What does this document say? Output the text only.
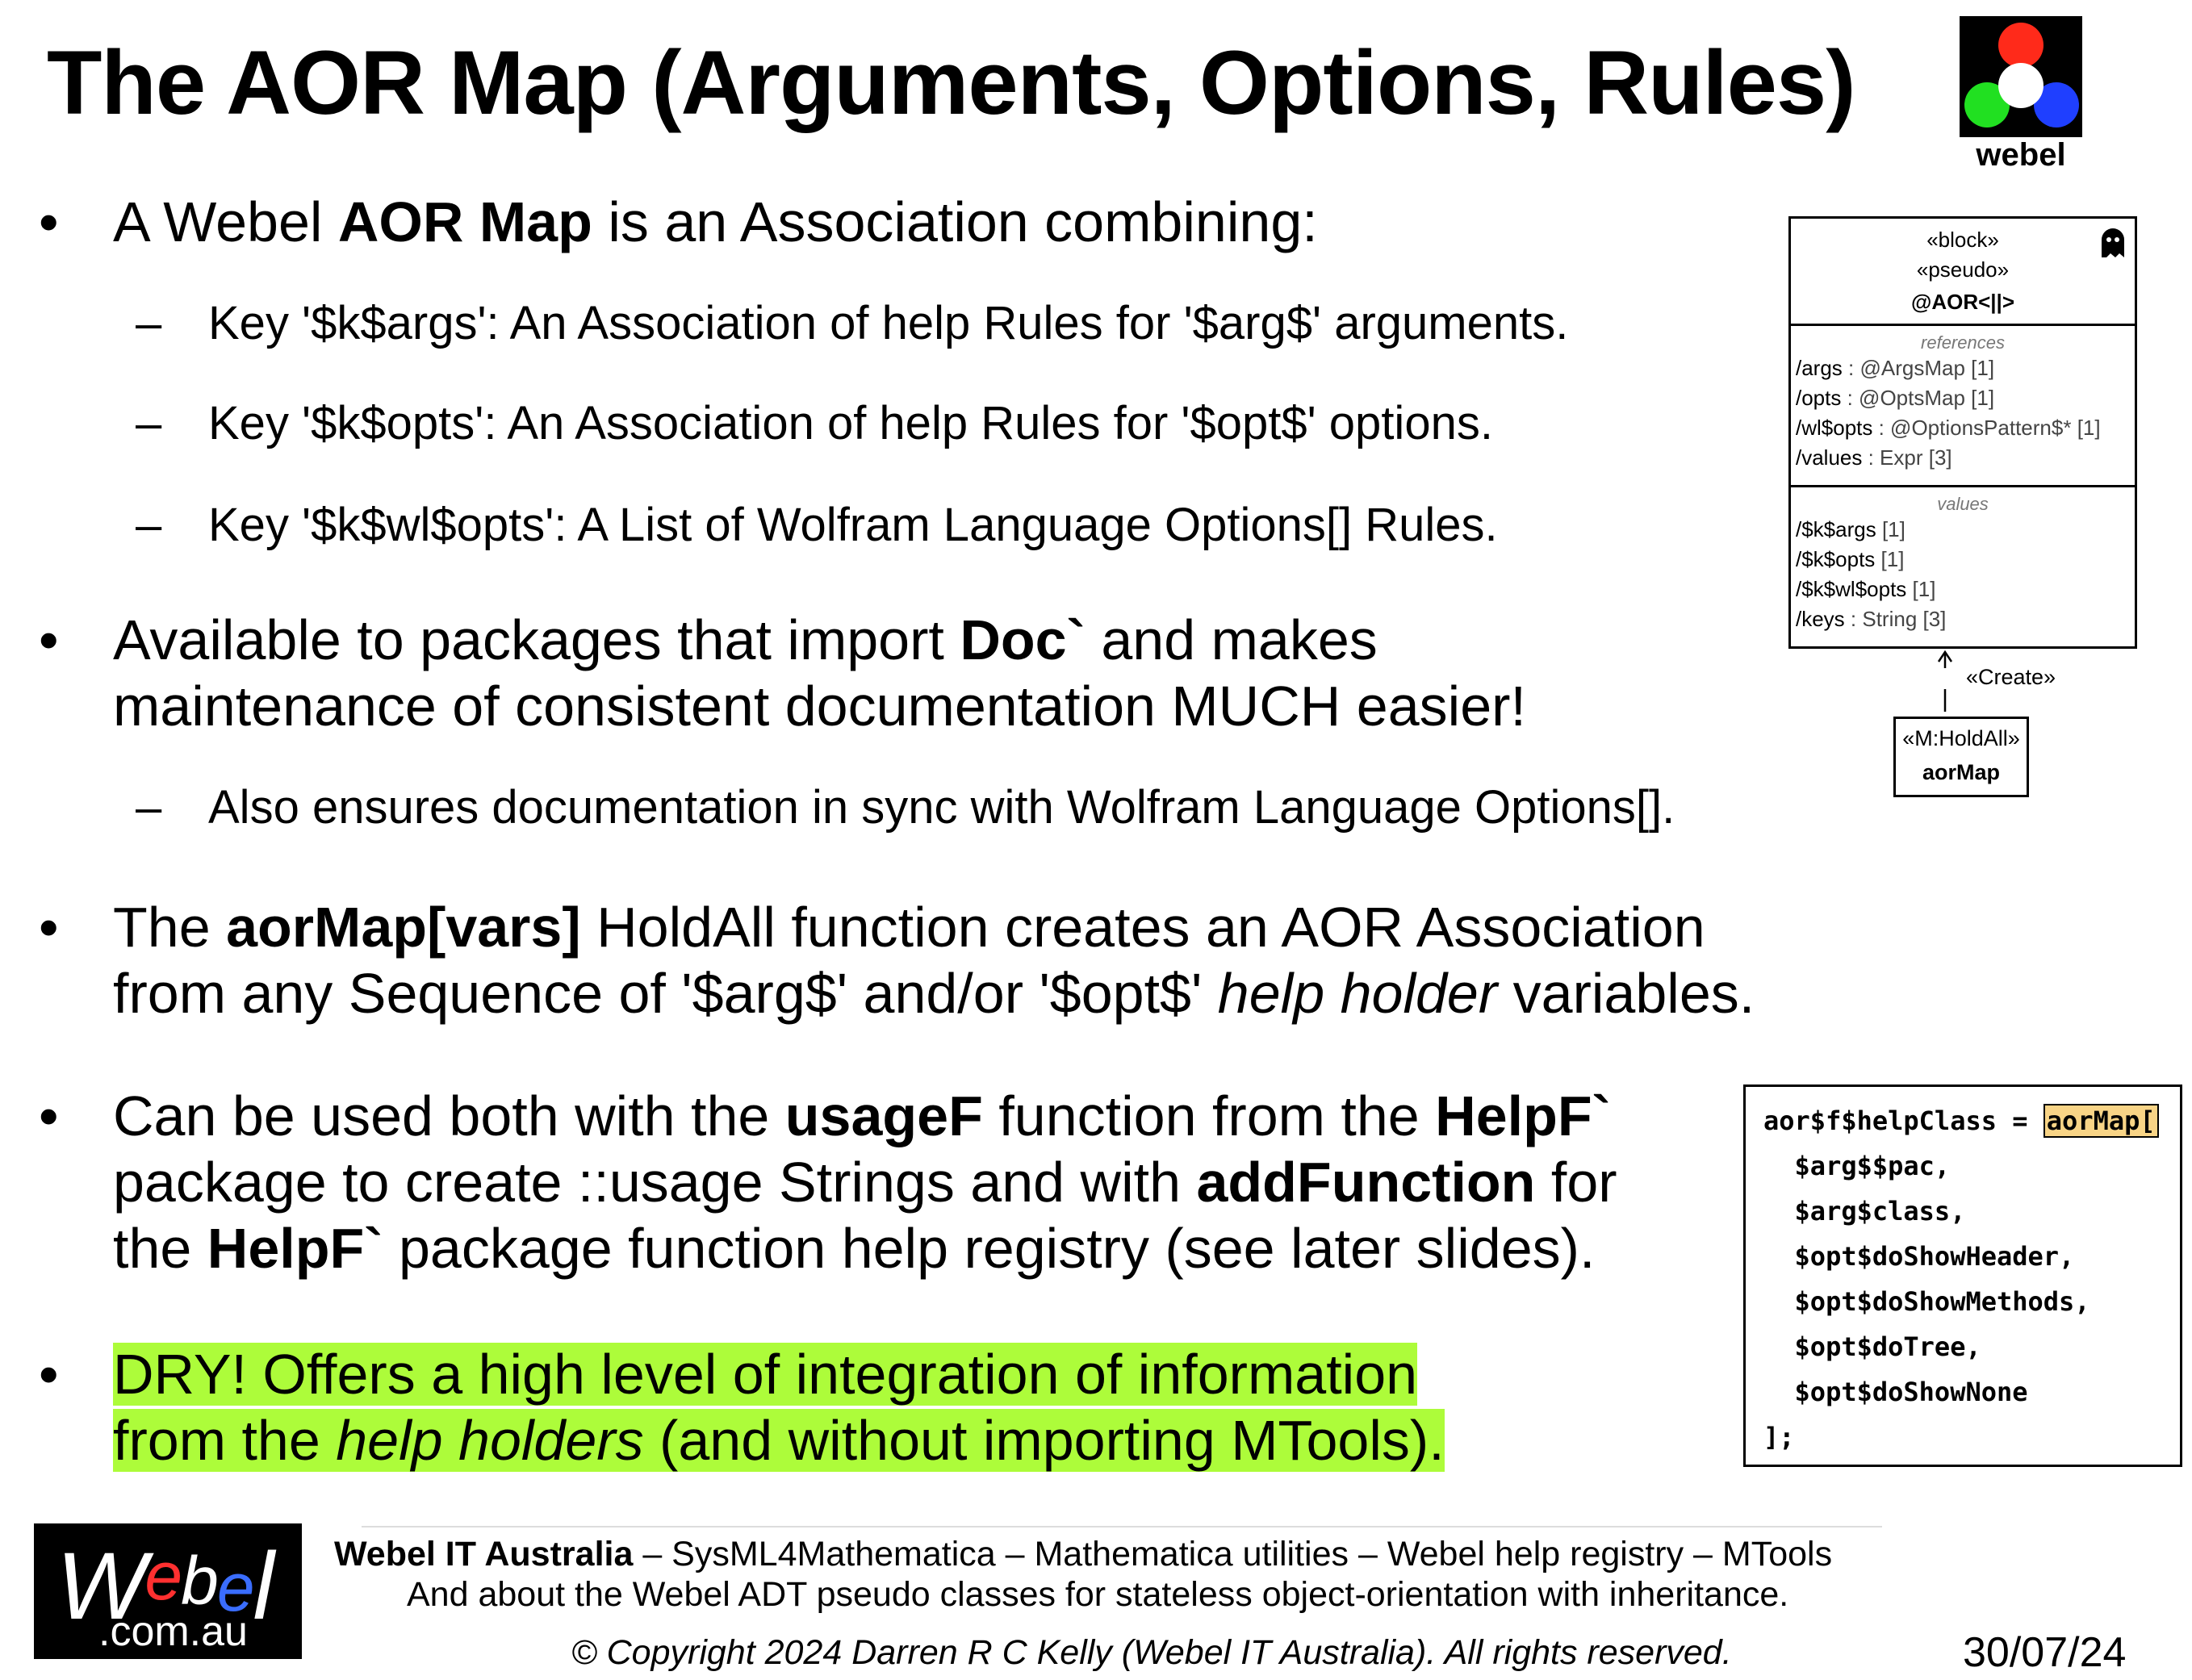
The AOR Map (Arguments, Options, Rules)
webel
• A Webel AOR Map is an Association combining:
– Key '$k$args': An Association of help Rules for '$arg$' arguments.
– Key '$k$opts': An Association of help Rules for '$opt$' options.
– Key '$k$wl$opts': A List of Wolfram Language Options[] Rules.
• Available to packages that import Doc` and makes
maintenance of consistent documentation MUCH easier!
– Also ensures documentation in sync with Wolfram Language Options[].
• The aorMap[vars] HoldAll function creates an AOR Association
from any Sequence of '$arg$' and/or '$opt$' help holder variables.
• Can be used both with the usageF function from the HelpF`
package to create ::usage Strings and with addFunction for
the HelpF` package function help registry (see later slides).
• DRY! Offers a high level of integration of information
from the help holders (and without importing MTools).
«block»
«pseudo»
@AOR<||>
references
/args : @ArgsMap [1]
/opts : @OptsMap [1]
/wl$opts : @OptionsPattern$* [1]
/values : Expr [3]
values
/$k$args [1]
/$k$opts [1]
/$k$wl$opts [1]
/keys : String [3]
«Create»
«M:HoldAll»
aorMap
aor$f$helpClass = aorMap[
$arg$$pac,
$arg$class,
$opt$doShowHeader,
$opt$doShowMethods,
$opt$doTree,
$opt$doShowNone
];
$W^ebel$
.com.au
Webel IT Australia – SysML4Mathematica – Mathematica utilities – Webel help registry – MTools
And about the Webel ADT pseudo classes for stateless object-orientation with inheritance.
© Copyright 2024 Darren R C Kelly (Webel IT Australia). All rights reserved.	30/07/24
